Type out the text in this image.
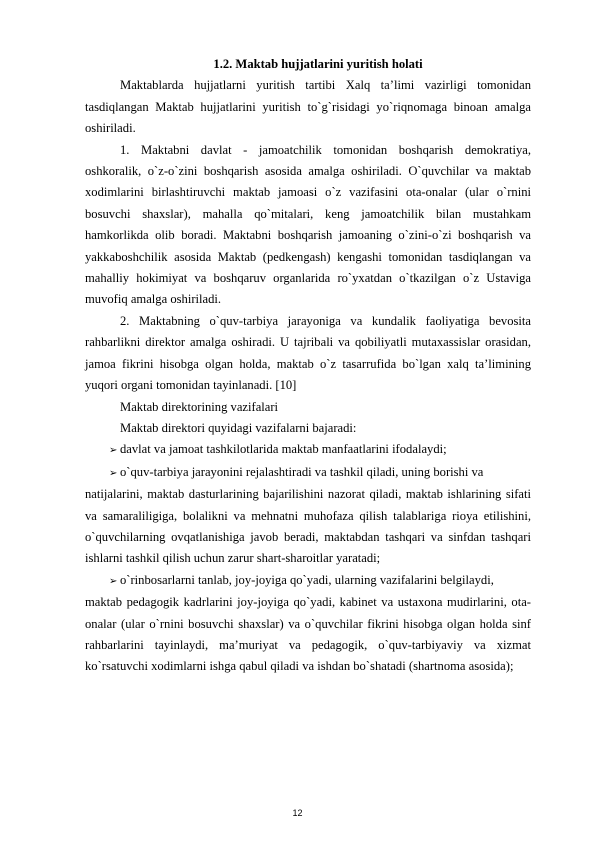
1.2. Maktab hujjatlarini yuritish holati

Maktablarda hujjatlarni yuritish tartibi Xalq ta’limi vazirligi tomonidan tasdiqlangan Maktab hujjatlarini yuritish to`g`risidagi yo`riqnomaga binoan amalga oshiriladi.

1. Maktabni davlat - jamoatchilik tomonidan boshqarish demokratiya, oshkoralik, o`z-o`zini boshqarish asosida amalga oshiriladi. O`quvchilar va maktab xodimlarini birlashtiruvchi maktab jamoasi o`z vazifasini ota-onalar (ular o`rnini bosuvchi shaxslar), mahalla qo`mitalari, keng jamoatchilik bilan mustahkam hamkorlikda olib boradi. Maktabni boshqarish jamoaning o`zini-o`zi boshqarish va yakkaboshchilik asosida Maktab (pedkengash) kengashi tomonidan tasdiqlangan va mahalliy hokimiyat va boshqaruv organlarida ro`yxatdan o`tkazilgan o`z Ustaviga muvofiq amalga oshiriladi.

2. Maktabning o`quv-tarbiya jarayoniga va kundalik faoliyatiga bevosita rahbarlikni direktor amalga oshiradi. U tajribali va qobiliyatli mutaxassislar orasidan, jamoa fikrini hisobga olgan holda, maktab o`z tasarrufida bo`lgan xalq ta’limining yuqori organi tomonidan tayinlanadi. [10]

Maktab direktorining vazifalari

Maktab direktori quyidagi vazifalarni bajaradi:

➢ davlat va jamoat tashkilotlarida maktab manfaatlarini ifodalaydi;

➢ o`quv-tarbiya jarayonini rejalashtiradi va tashkil qiladi, uning borishi va

natijalarini, maktab dasturlarining bajarilishini nazorat qiladi, maktab ishlarining sifati va samaraliligiga, bolalikni va mehnatni muhofaza qilish talablariga rioya etilishini, o`quvchilarning ovqatlanishiga javob beradi, maktabdan tashqari va sinfdan tashqari ishlarni tashkil qilish uchun zarur shart-sharoitlar yaratadi;

➢ o`rinbosarlarni tanlab, joy-joyiga qo`yadi, ularning vazifalarini belgilaydi,

maktab pedagogik kadrlarini joy-joyiga qo`yadi, kabinet va ustaxona mudirlarini, ota-onalar (ular o`rnini bosuvchi shaxslar) va o`quvchilar fikrini hisobga olgan holda sinf rahbarlarini tayinlaydi, ma’muriyat va pedagogik, o`quv-tarbiyaviy va xizmat ko`rsatuvchi xodimlarni ishga qabul qiladi va ishdan bo`shatadi (shartnoma asosida);

12
